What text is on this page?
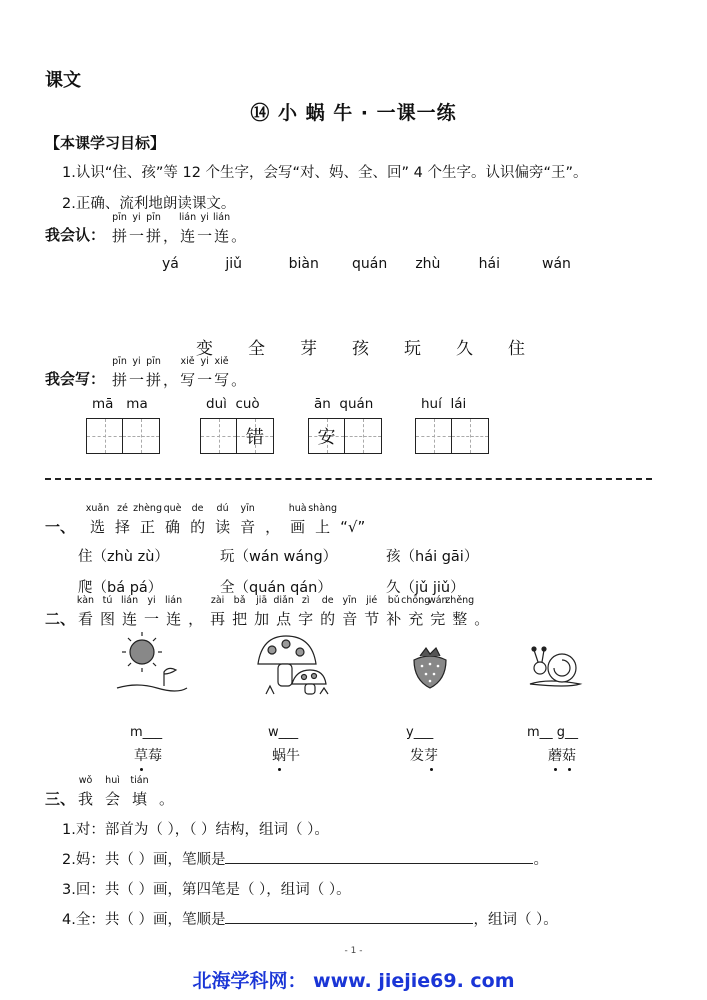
课文
⑭ 小 蜗 牛 · 一课一练
【本课学习目标】
1.认识“住、孩”等 12 个生字，会写“对、妈、全、回” 4 个生字。认识偏旁“王”。
2.正确、流利地朗读课文。
我会认： 拼
pīn
一
yi
拼
pīn
， 连
lián
一
yi
连
lián
。
yá	jiǔ	biàn quán zhù	hái	wán
变 全 芽 孩 玩 久 住
我会写： 拼
pīn
一
yi
拼
pīn
， 写
xiě
一
yi
写
xiě
。
mā   ma	duì  cuò
错
ān  quán
安
huí  lái
一、 选
xuǎn
择
zé
正
zhèng
确
què
的
de
读
dú
音
yīn
， 画
huà
上
shàng
“√”
住（zhù zù）	玩（wán wáng）	孩（hái gāi）
爬（bá pá）	全（quán qán）	久（jǔ jiǔ）
二、 看
kàn
图
tú
连
lián
一
yi
连
lián
， 再
zài
把
bǎ
加
jiā
点
diǎn
字
zì
的
de
音
yīn
节
jié
补
bǔ
充
chōng
完
wán
整
zhěng
。
m___	w___	y___	m__ g__
草莓	蜗牛	发芽	蘑菇
三、 我
wǒ
会
huì
填
tián
。
1.对：部首为（ ），（ ）结构，组词（ ）。
2.妈：共（ ）画，笔顺是	。
3.回：共（ ）画，第四笔是（ ），组词（ ）。
4.全：共（ ）画，笔顺是	，组词（ ）。
- 1 -
北海学科网： www. jiejie69. com
